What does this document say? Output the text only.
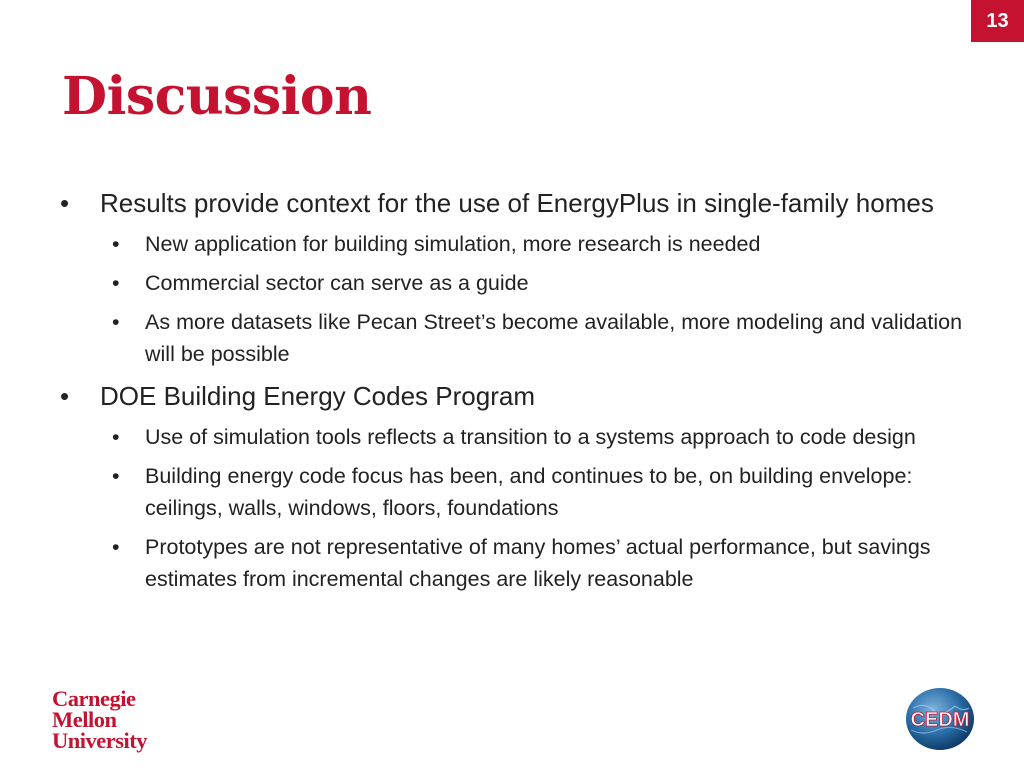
13
Discussion
• Results provide context for the use of EnergyPlus in single-family homes
• New application for building simulation, more research is needed
• Commercial sector can serve as a guide
• As more datasets like Pecan Street’s become available, more modeling and validation will be possible
• DOE Building Energy Codes Program
• Use of simulation tools reflects a transition to a systems approach to code design
• Building energy code focus has been, and continues to be, on building envelope: ceilings, walls, windows, floors, foundations
• Prototypes are not representative of many homes’ actual performance, but savings estimates from incremental changes are likely reasonable
Carnegie
Mellon
University
CEDM
